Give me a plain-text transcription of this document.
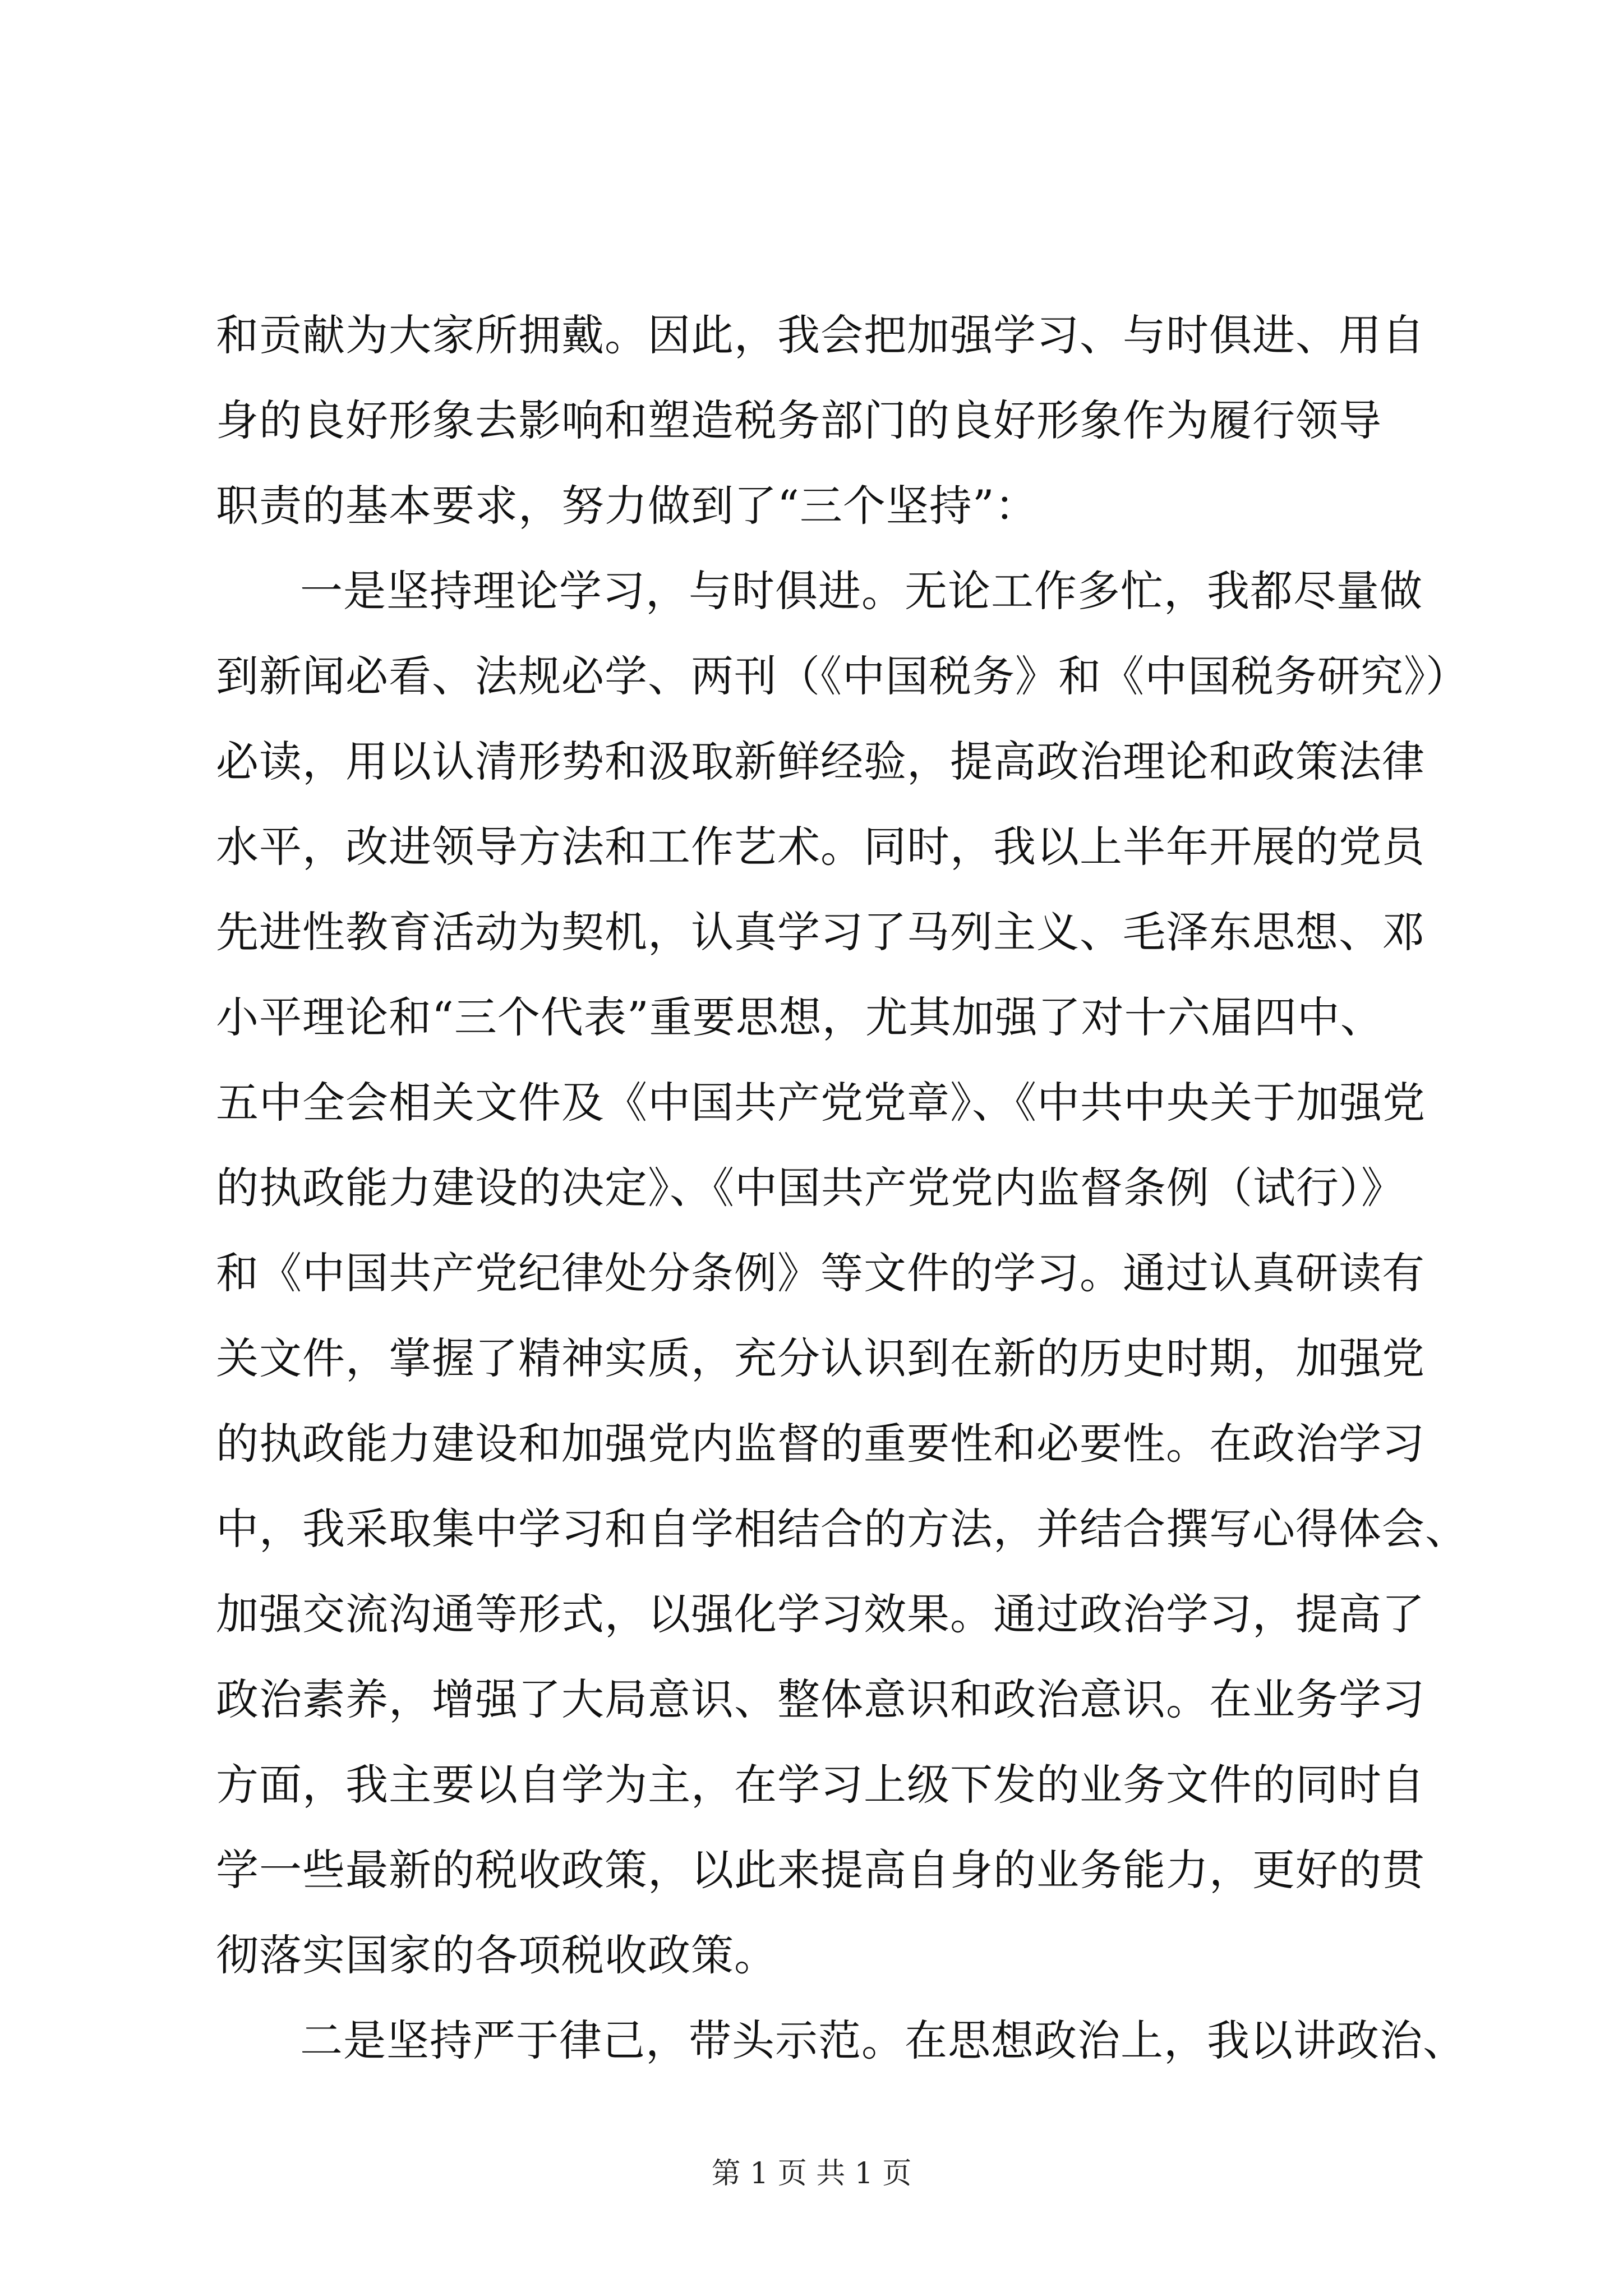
和贡献为大家所拥戴。因此，我会把加强学习、与时俱进、用自
身的良好形象去影响和塑造税务部门的良好形象作为履行领导
职责的基本要求，努力做到了“三个坚持”：
一是坚持理论学习，与时俱进。无论工作多忙，我都尽量做
到新闻必看、法规必学、两刊（《中国税务》和《中国税务研究》）
必读，用以认清形势和汲取新鲜经验，提高政治理论和政策法律
水平，改进领导方法和工作艺术。同时，我以上半年开展的党员
先进性教育活动为契机，认真学习了马列主义、毛泽东思想、邓
小平理论和“三个代表”重要思想，尤其加强了对十六届四中、
五中全会相关文件及《中国共产党党章》、《中共中央关于加强党
的执政能力建设的决定》、《中国共产党党内监督条例（试行）》
和《中国共产党纪律处分条例》等文件的学习。通过认真研读有
关文件，掌握了精神实质，充分认识到在新的历史时期，加强党
的执政能力建设和加强党内监督的重要性和必要性。在政治学习
中，我采取集中学习和自学相结合的方法，并结合撰写心得体会、
加强交流沟通等形式，以强化学习效果。通过政治学习，提高了
政治素养，增强了大局意识、整体意识和政治意识。在业务学习
方面，我主要以自学为主，在学习上级下发的业务文件的同时自
学一些最新的税收政策，以此来提高自身的业务能力，更好的贯
彻落实国家的各项税收政策。
二是坚持严于律己，带头示范。在思想政治上，我以讲政治、
第 1 页 共 1 页
